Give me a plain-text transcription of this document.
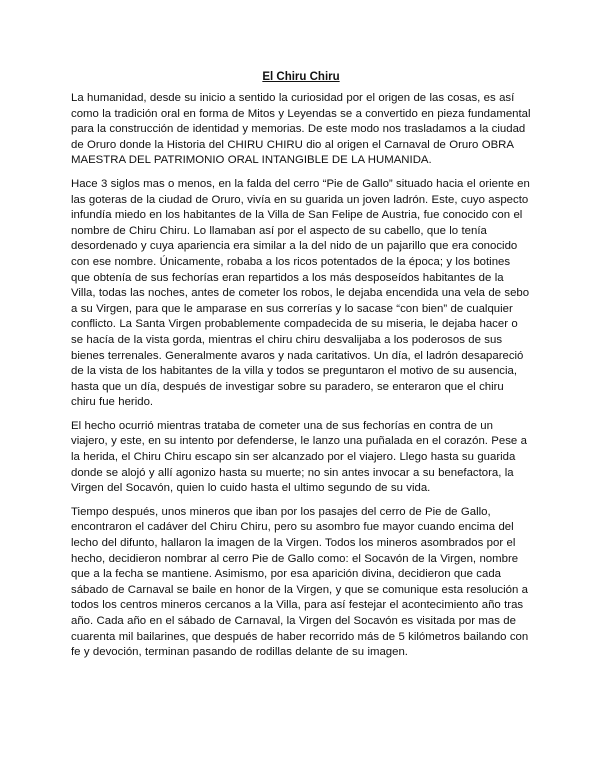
El Chiru Chiru

La humanidad, desde su inicio a sentido la curiosidad por el origen de las cosas, es así como la tradición oral en forma de Mitos y Leyendas se a convertido en pieza fundamental para la construcción de identidad y memorias. De este modo nos trasladamos a la ciudad de Oruro donde la Historia del CHIRU CHIRU dio al origen el Carnaval de Oruro OBRA MAESTRA DEL PATRIMONIO ORAL INTANGIBLE DE LA HUMANIDA.

Hace 3 siglos mas o menos, en la falda del cerro “Pie de Gallo” situado hacia el oriente en las goteras de la ciudad de Oruro, vivía en su guarida un joven ladrón. Este, cuyo aspecto infundía miedo en los habitantes de la Villa de San Felipe de Austria, fue conocido con el nombre de Chiru Chiru. Lo llamaban así por el aspecto de su cabello, que lo tenía desordenado y cuya apariencia era similar a la del nido de un pajarillo que era conocido con ese nombre. Únicamente, robaba a los ricos potentados de la época; y los botines que obtenía de sus fechorías eran repartidos a los más desposeídos habitantes de la Villa, todas las noches, antes de cometer los robos, le dejaba encendida una vela de sebo a su Virgen, para que le amparase en sus correrías y lo sacase “con bien” de cualquier conflicto. La Santa Virgen probablemente compadecida de su miseria, le dejaba hacer o se hacía de la vista gorda, mientras el chiru chiru desvalijaba a los poderosos de sus bienes terrenales. Generalmente avaros y nada caritativos. Un día, el ladrón desapareció de la vista de los habitantes de la villa y todos se preguntaron el motivo de su ausencia, hasta que un día, después de investigar sobre su paradero, se enteraron que el chiru chiru fue herido.

El hecho ocurrió mientras trataba de cometer una de sus fechorías en contra de un viajero, y este, en su intento por defenderse, le lanzo una puñalada en el corazón. Pese a la herida, el Chiru Chiru escapo sin ser alcanzado por el viajero. Llego hasta su guarida donde se alojó y allí agonizo hasta su muerte; no sin antes invocar a su benefactora, la Virgen del Socavón, quien lo cuido hasta el ultimo segundo de su vida.

Tiempo después, unos mineros que iban por los pasajes del cerro de Pie de Gallo, encontraron el cadáver del Chiru Chiru, pero su asombro fue mayor cuando encima del lecho del difunto, hallaron la imagen de la Virgen. Todos los mineros asombrados por el hecho, decidieron nombrar al cerro Pie de Gallo como: el Socavón de la Virgen, nombre que a la fecha se mantiene. Asimismo, por esa aparición divina, decidieron que cada sábado de Carnaval se baile en honor de la Virgen, y que se comunique esta resolución a todos los centros mineros cercanos a la Villa, para así festejar el acontecimiento año tras año. Cada año en el sábado de Carnaval, la Virgen del Socavón es visitada por mas de cuarenta mil bailarines, que después de haber recorrido más de 5 kilómetros bailando con fe y devoción, terminan pasando de rodillas delante de su imagen.
